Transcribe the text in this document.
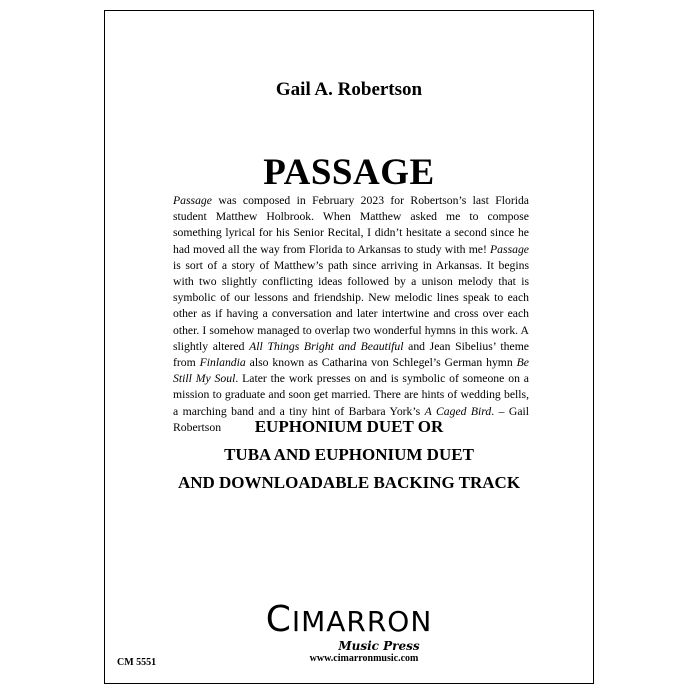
Gail A. Robertson
PASSAGE
Passage was composed in February 2023 for Robertson’s last Florida student Matthew Holbrook. When Matthew asked me to compose something lyrical for his Senior Recital, I didn’t hesitate a second since he had moved all the way from Florida to Arkansas to study with me! Passage is sort of a story of Matthew’s path since arriving in Arkansas. It begins with two slightly conflicting ideas followed by a unison melody that is symbolic of our lessons and friendship. New melodic lines speak to each other as if having a conversation and later intertwine and cross over each other. I somehow managed to overlap two wonderful hymns in this work. A slightly altered All Things Bright and Beautiful and Jean Sibelius’ theme from Finlandia also known as Catharina von Schlegel’s German hymn Be Still My Soul. Later the work presses on and is symbolic of someone on a mission to graduate and soon get married. There are hints of wedding bells, a marching band and a tiny hint of Barbara York’s A Caged Bird. – Gail Robertson	EUPHONIUM DUET OR
TUBA AND EUPHONIUM DUET
AND DOWNLOADABLE BACKING TRACK
CIMARRON
Music Press
www.cimarronmusic.com
CM 5551
